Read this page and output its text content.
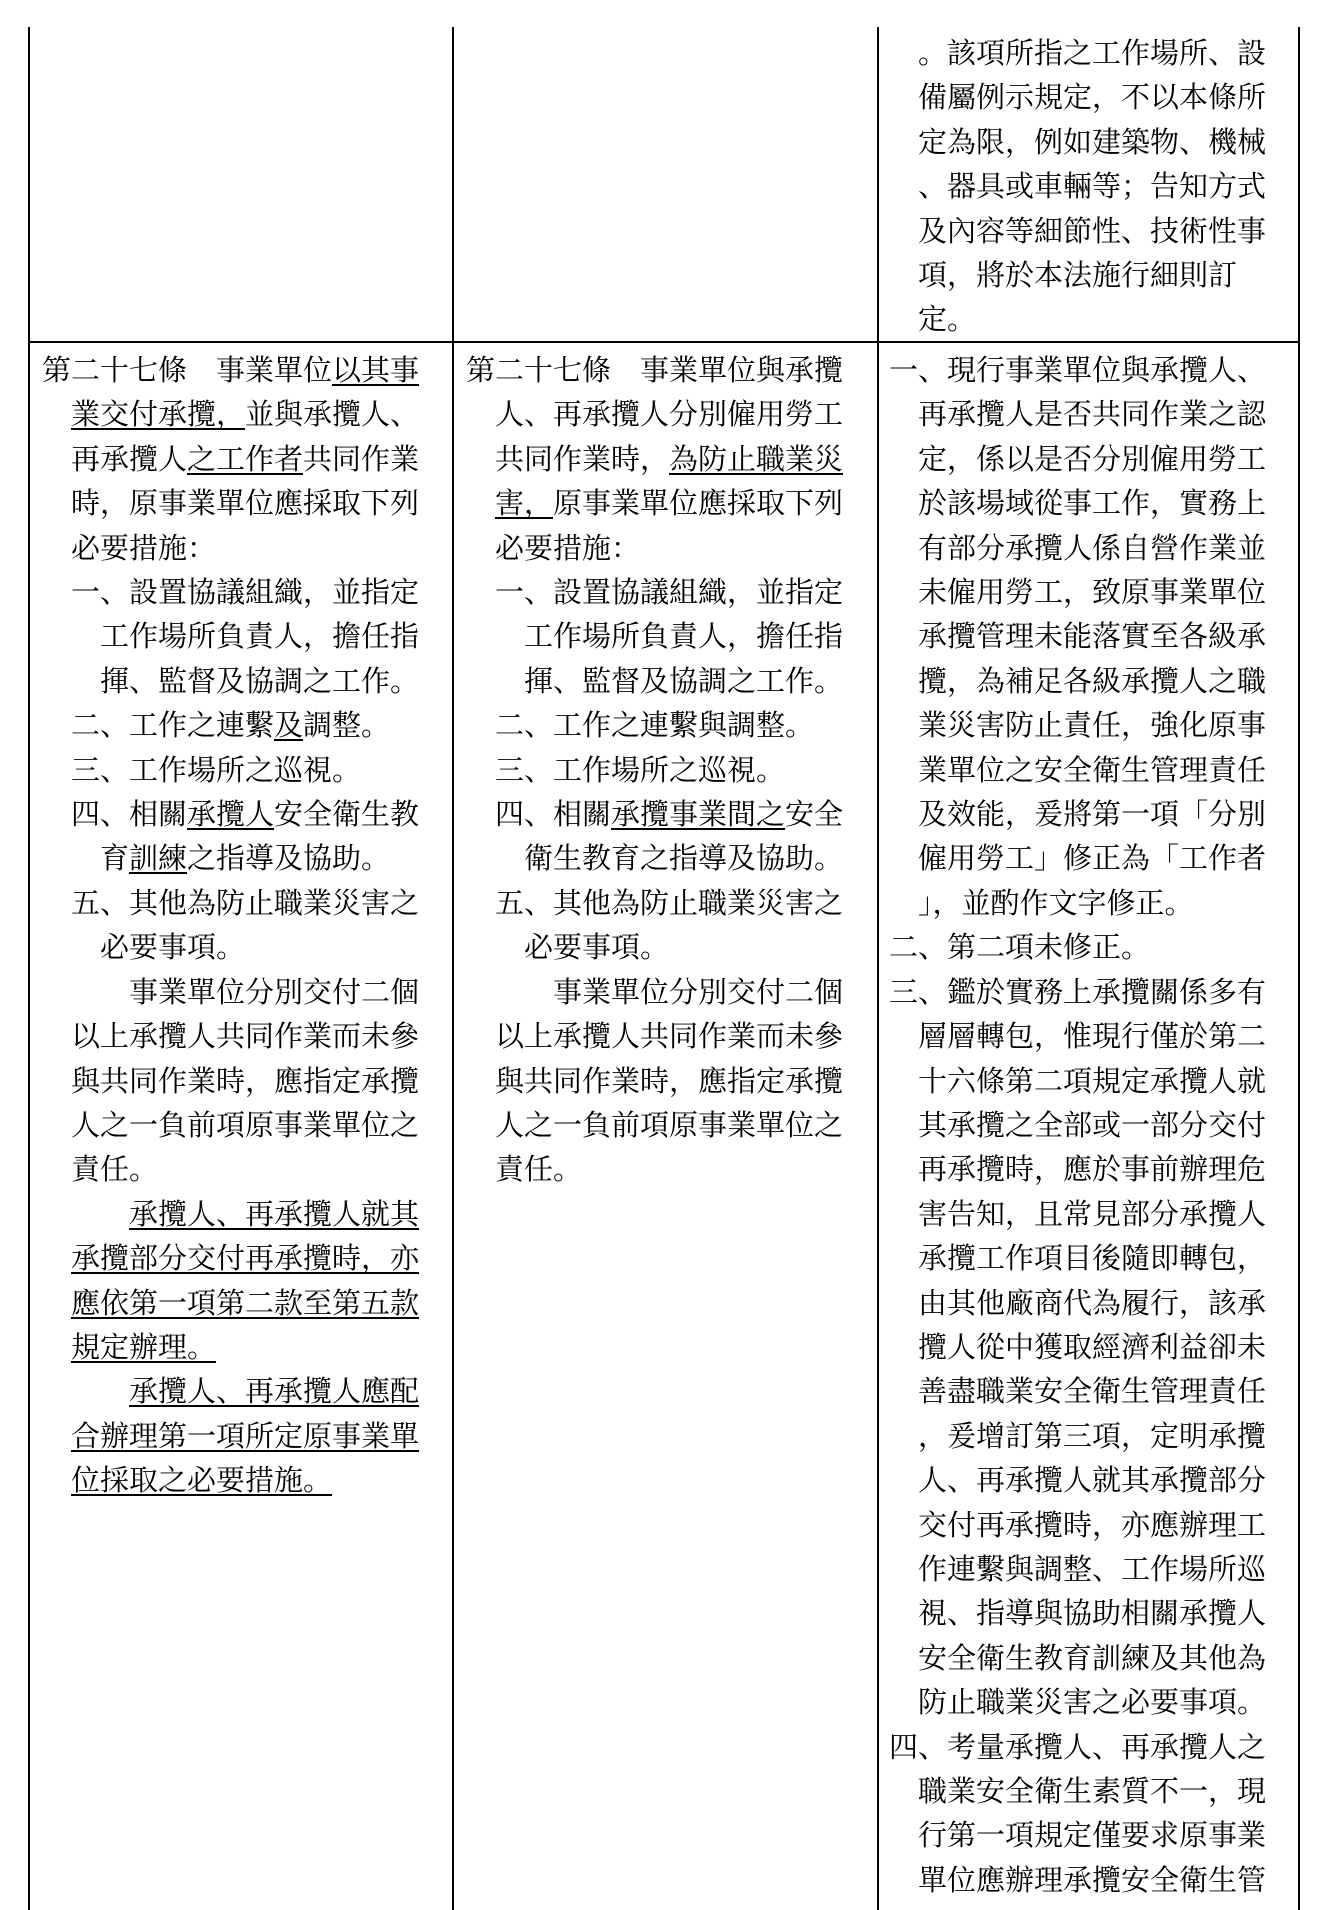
。該項所指之工作場所、設

備屬例示規定，不以本條所

定為限，例如建築物、機械

、器具或車輛等；告知方式

及內容等細節性、技術性事

項，將於本法施行細則訂

定。

第二十七條　事業單位以其事

業交付承攬，並與承攬人、

再承攬人之工作者共同作業

時，原事業單位應採取下列

必要措施：

一、設置協議組織，並指定

工作場所負責人，擔任指

揮、監督及協調之工作。

二、工作之連繫及調整。

三、工作場所之巡視。

四、相關承攬人安全衛生教

育訓練之指導及協助。

五、其他為防止職業災害之

必要事項。

事業單位分別交付二個

以上承攬人共同作業而未參

與共同作業時，應指定承攬

人之一負前項原事業單位之

責任。

承攬人、再承攬人就其

承攬部分交付再承攬時，亦

應依第一項第二款至第五款

規定辦理。

承攬人、再承攬人應配

合辦理第一項所定原事業單

位採取之必要措施。

第二十七條　事業單位與承攬

人、再承攬人分別僱用勞工

共同作業時，為防止職業災

害，原事業單位應採取下列

必要措施：

一、設置協議組織，並指定

工作場所負責人，擔任指

揮、監督及協調之工作。

二、工作之連繫與調整。

三、工作場所之巡視。

四、相關承攬事業間之安全

衛生教育之指導及協助。

五、其他為防止職業災害之

必要事項。

事業單位分別交付二個

以上承攬人共同作業而未參

與共同作業時，應指定承攬

人之一負前項原事業單位之

責任。

一、現行事業單位與承攬人、

再承攬人是否共同作業之認

定，係以是否分別僱用勞工

於該場域從事工作，實務上

有部分承攬人係自營作業並

未僱用勞工，致原事業單位

承攬管理未能落實至各級承

攬，為補足各級承攬人之職

業災害防止責任，強化原事

業單位之安全衛生管理責任

及效能，爰將第一項「分別

僱用勞工」修正為「工作者

」，並酌作文字修正。

二、第二項未修正。

三、鑑於實務上承攬關係多有

層層轉包，惟現行僅於第二

十六條第二項規定承攬人就

其承攬之全部或一部分交付

再承攬時，應於事前辦理危

害告知，且常見部分承攬人

承攬工作項目後隨即轉包，

由其他廠商代為履行，該承

攬人從中獲取經濟利益卻未

善盡職業安全衛生管理責任

，爰增訂第三項，定明承攬

人、再承攬人就其承攬部分

交付再承攬時，亦應辦理工

作連繫與調整、工作場所巡

視、指導與協助相關承攬人

安全衛生教育訓練及其他為

防止職業災害之必要事項。

四、考量承攬人、再承攬人之

職業安全衛生素質不一，現

行第一項規定僅要求原事業

單位應辦理承攬安全衛生管
